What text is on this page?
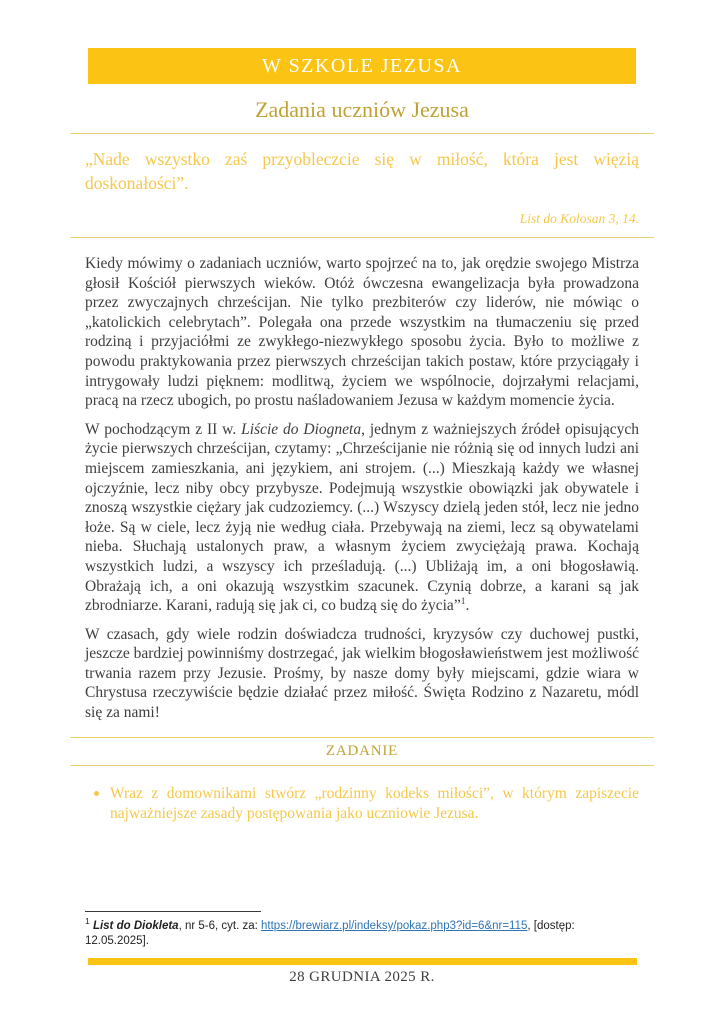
W SZKOLE JEZUSA
Zadania uczniów Jezusa
„Nade wszystko zaś przyobleczcie się w miłość, która jest więzią doskonałości”.
List do Kolosan 3, 14.

Kiedy mówimy o zadaniach uczniów, warto spojrzeć na to, jak orędzie swojego Mistrza głosił Kościół pierwszych wieków. Otóż ówczesna ewangelizacja była prowadzona przez zwyczajnych chrześcijan. Nie tylko prezbiterów czy liderów, nie mówiąc o „katolickich celebrytach”. Polegała ona przede wszystkim na tłumaczeniu się przed rodziną i przyjaciółmi ze zwykłego-niezwykłego sposobu życia. Było to możliwe z powodu praktykowania przez pierwszych chrześcijan takich postaw, które przyciągały i intrygowały ludzi pięknem: modlitwą, życiem we wspólnocie, dojrzałymi relacjami, pracą na rzecz ubogich, po prostu naśladowaniem Jezusa w każdym momencie życia.

W pochodzącym z II w. Liście do Diogneta, jednym z ważniejszych źródeł opisujących życie pierwszych chrześcijan, czytamy: „Chrześcijanie nie różnią się od innych ludzi ani miejscem zamieszkania, ani językiem, ani strojem. (...) Mieszkają każdy we własnej ojczyźnie, lecz niby obcy przybysze. Podejmują wszystkie obowiązki jak obywatele i znoszą wszystkie ciężary jak cudzoziemcy. (...) Wszyscy dzielą jeden stół, lecz nie jedno łoże. Są w ciele, lecz żyją nie według ciała. Przebywają na ziemi, lecz są obywatelami nieba. Słuchają ustalonych praw, a własnym życiem zwyciężają prawa. Kochają wszystkich ludzi, a wszyscy ich prześladują. (...) Ubliżają im, a oni błogosławią. Obrażają ich, a oni okazują wszystkim szacunek. Czynią dobrze, a karani są jak zbrodniarze. Karani, radują się jak ci, co budzą się do życia”$^1$.

W czasach, gdy wiele rodzin doświadcza trudności, kryzysów czy duchowej pustki, jeszcze bardziej powinniśmy dostrzegać, jak wielkim błogosławieństwem jest możliwość trwania razem przy Jezusie. Prośmy, by nasze domy były miejscami, gdzie wiara w Chrystusa rzeczywiście będzie działać przez miłość. Święta Rodzino z Nazaretu, módl się za nami!

ZADANIE
Wraz z domownikami stwórz „rodzinny kodeks miłości”, w którym zapiszecie najważniejsze zasady postępowania jako uczniowie Jezusa.
$^1$ List do Diokleta, nr 5-6, cyt. za: https://brewiarz.pl/indeksy/pokaz.php3?id=6&nr=115, [dostęp: 12.05.2025].
28 GRUDNIA 2025 R.
